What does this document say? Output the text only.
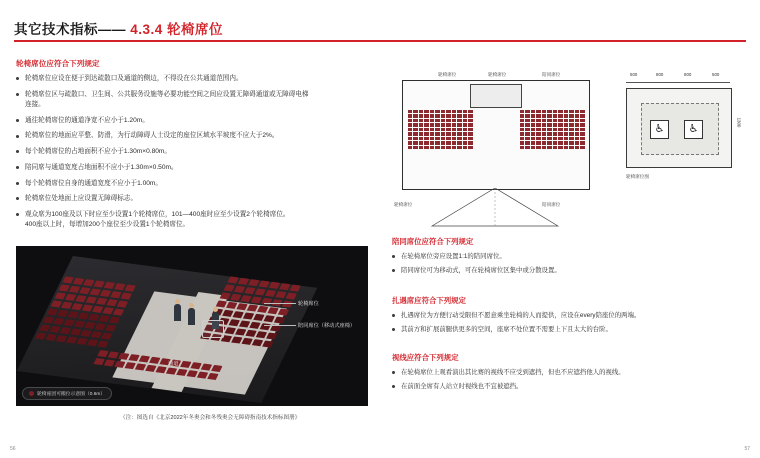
其它技术指标—— 4.3.4 轮椅席位
轮椅席位应符合下列规定
轮椅席位应设在便于到达疏散口及通道的侧边，不得设在公共通道范围内。
轮椅席位区与疏散口、卫生间、公共服务设施等必要功能空间之间应设置无障碍通道或无障碍电梯
连接。
通往轮椅席位的通道净宽不应小于1.20m。
轮椅席位的地面应平整、防滑，为行动障碍人士设定的座位区域水平坡度不应大于2%。
每个轮椅席位的占地面积不应小于1.30m×0.80m。
陪同席与通道宽度占地面积不应小于1.30m×0.50m。
每个轮椅席位自身的通道宽度不应小于1.00m。
轮椅席位处地面上应设置无障碍标志。
观众席为100座及以下时应至少设置1个轮椅席位，101—400座时应至少设置2个轮椅席位。
400座以上时，每增加200个座位至少设置1个轮椅席位。
轮椅席位
陪同席位（移动式座椅）
通道
轮椅座团可搬位示意图（0.6m）
（注：图选自《北京2022年冬奥会和冬残奥会无障碍指南技术指标图册》
轮椅席位	轮椅席位	陪同席位
轮椅席位	陪同席位
♿ ♿
500	800	800	500
1300
轮椅席位图
陪同席位应符合下列规定
在轮椅席位旁应设置1:1的陪同席位。
陪同席位可为移动式，可在轮椅席位区集中或分散设置。
扎遇席应符合下列规定
扎遇席位为方便行动受限但不愿意乘坐轮椅的人而提供，应设在every陪座位的两端。
其前方和扩展前腿供更多的空间，座席不处位置不需要上下且太大的台阶。
视线应符合下列规定
在轮椅席位上观看演出其比赛的视线不应受到遮挡，但也不应遮挡他人的视线。
在前面全席有人站立时视线也不宜被遮挡。
56	57
